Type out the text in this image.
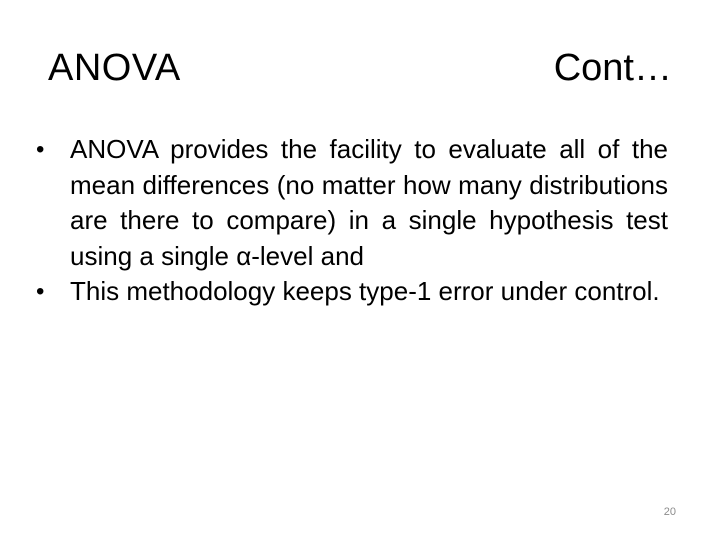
ANOVA	Cont…
• ANOVA provides the facility to evaluate all of the mean differences (no matter how many distributions are there to compare) in a single hypothesis test using a single α-level and
• This methodology keeps type-1 error under control.
20
